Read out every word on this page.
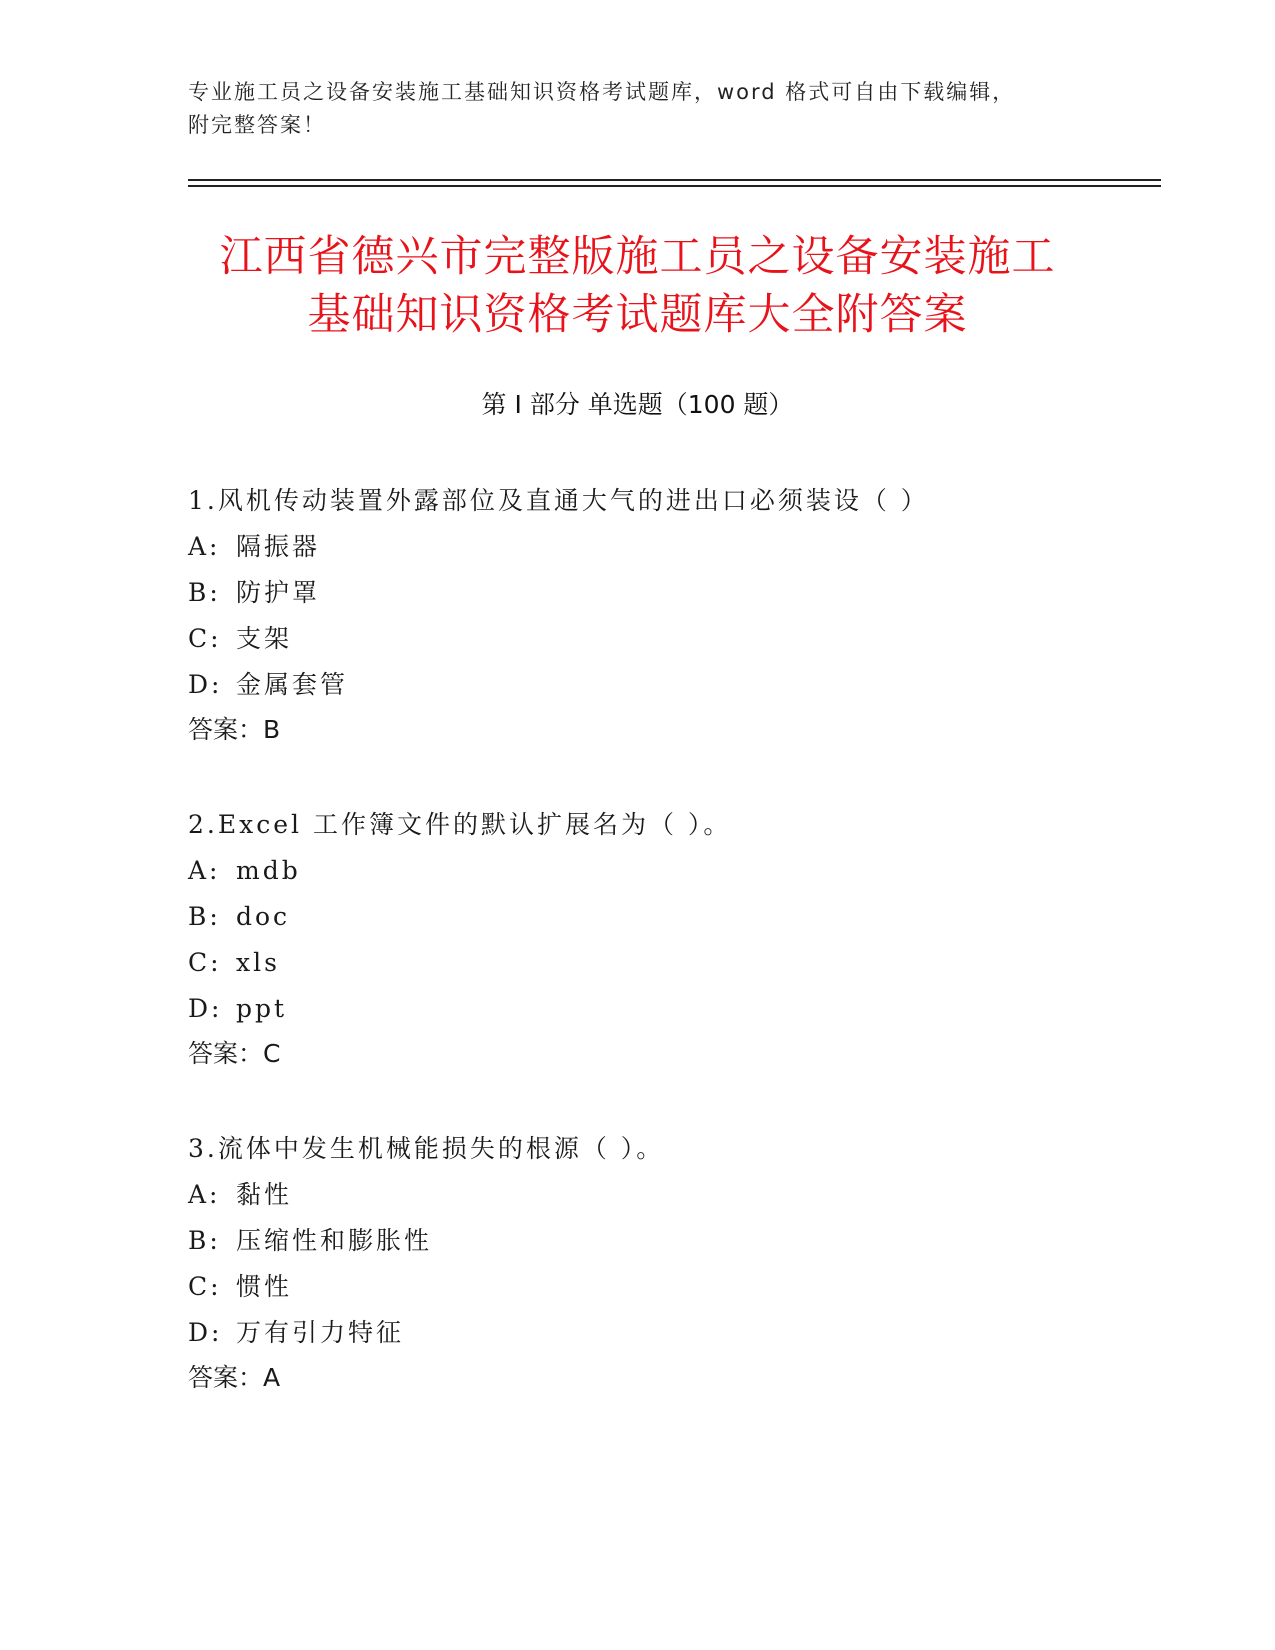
专业施工员之设备安装施工基础知识资格考试题库，word 格式可自由下载编辑，
附完整答案！
江西省德兴市完整版施工员之设备安装施工
基础知识资格考试题库大全附答案
第 I 部分 单选题（100 题）
1.风机传动装置外露部位及直通大气的进出口必须装设（ ）
A: 隔振器
B: 防护罩
C: 支架
D: 金属套管
答案：B
2.Excel 工作簿文件的默认扩展名为（ ）。
A: mdb
B: doc
C: xls
D: ppt
答案：C
3.流体中发生机械能损失的根源（ ）。
A: 黏性
B: 压缩性和膨胀性
C: 惯性
D: 万有引力特征
答案：A
